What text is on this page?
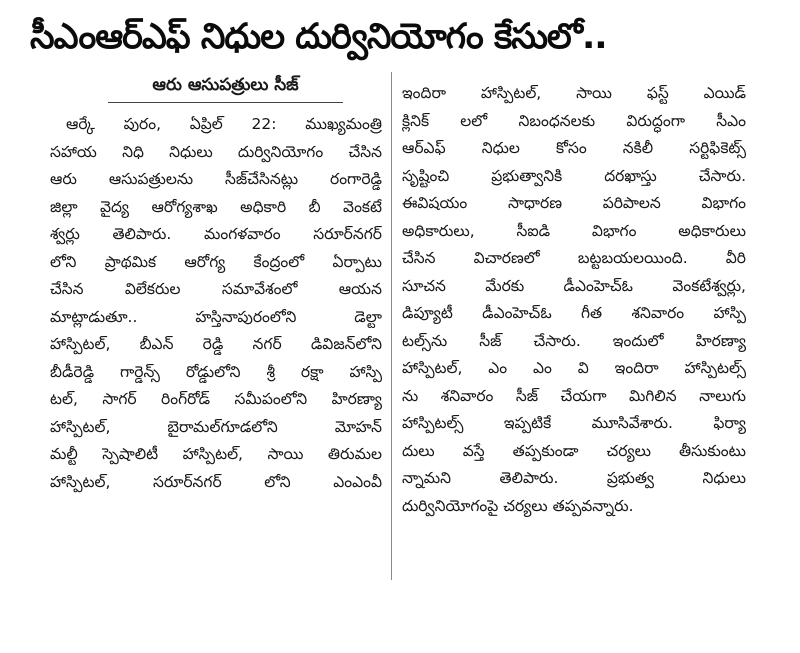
సీఎంఆర్ఎఫ్ నిధుల దుర్వినియోగం కేసులో..
ఆరు ఆసుపత్రులు సీజ్
ఆర్కే పురం, ఏప్రిల్ 22: ముఖ్యమంత్రి
సహాయ నిధి నిధులు దుర్వినియోగం చేసిన
ఆరు ఆసుపత్రులను సీజ్‌చేసినట్లు రంగారెడ్డి
జిల్లా వైద్య ఆరోగ్యశాఖ అధికారి బీ వెంకటే
శ్వర్లు తెలిపారు. మంగళవారం సరూర్‌నగర్
లోని ప్రాథమిక ఆరోగ్య కేంద్రంలో ఏర్పాటు
చేసిన విలేకరుల సమావేశంలో ఆయన
మాట్లాడుతూ.. హస్తినాపురంలోని డెల్టా
హాస్పిటల్, బీఎన్ రెడ్డి నగర్ డివిజన్‌లోని
బీడీరెడ్డి గార్డెన్స్ రోడ్డులోని శ్రీ రక్షా హాస్పి
టల్, సాగర్ రింగ్‌రోడ్ సమీపంలోని హిరణ్యా
హాస్పిటల్, బైరామల్‌గూడలోని మోహన్
మల్టీ స్పెషాలిటీ హాస్పిటల్, సాయి తిరుమల
హాస్పిటల్, సరూర్‌నగర్ లోని ఎంఎంవీ
ఇందిరా హాస్పిటల్, సాయి ఫస్ట్ ఎయిడ్
క్లినిక్ లలో నిబంధనలకు విరుద్ధంగా సీఎం
ఆర్ఎఫ్ నిధుల కోసం నకిలీ సర్టిఫికెట్స్
సృష్టించి ప్రభుత్వానికి దరఖాస్తు చేసారు.
ఈవిషయం సాధారణ పరిపాలన విభాగం
అధికారులు, సీఐడి విభాగం అధికారులు
చేసిన విచారణలో బట్టబయలయింది. వీరి
సూచన మేరకు డీఎంహెచ్ఓ వెంకటేశ్వర్లు,
డిప్యూటీ డీఎంహెచ్ఓ గీత శనివారం హాస్పి
టల్స్‌ను సీజ్ చేసారు. ఇందులో హిరణ్యా
హాస్పిటల్, ఎం ఎం వి ఇందిరా హాస్పిటల్స్
ను శనివారం సీజ్ చేయగా మిగిలిన నాలుగు
హాస్పిటల్స్ ఇప్పటికే మూసివేశారు. ఫిర్యా
దులు వస్తే తప్పకుండా చర్యలు తీసుకుంటు
న్నామని తెలిపారు. ప్రభుత్వ నిధులు
దుర్వినియోగంపై చర్యలు తప్పవన్నారు.
